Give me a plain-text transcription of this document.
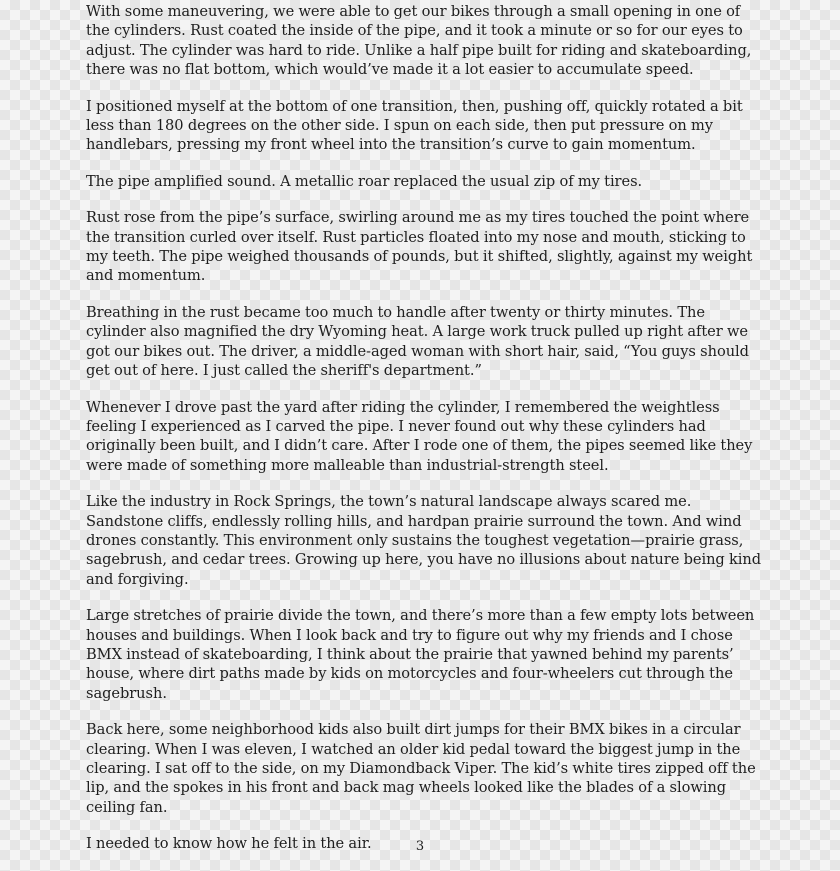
With some maneuvering, we were able to get our bikes through a small opening in one of the cylinders. Rust coated the inside of the pipe, and it took a minute or so for our eyes to adjust. The cylinder was hard to ride. Unlike a half pipe built for riding and skateboarding, there was no flat bottom, which would’ve made it a lot easier to accumulate speed.

I positioned myself at the bottom of one transition, then, pushing off, quickly rotated a bit less than 180 degrees on the other side. I spun on each side, then put pressure on my handlebars, pressing my front wheel into the transition’s curve to gain momentum.

The pipe amplified sound. A metallic roar replaced the usual zip of my tires.

Rust rose from the pipe’s surface, swirling around me as my tires touched the point where the transition curled over itself. Rust particles floated into my nose and mouth, sticking to my teeth. The pipe weighed thousands of pounds, but it shifted, slightly, against my weight and momentum.

Breathing in the rust became too much to handle after twenty or thirty minutes. The cylinder also magnified the dry Wyoming heat. A large work truck pulled up right after we got our bikes out. The driver, a middle-aged woman with short hair, said, “You guys should get out of here. I just called the sheriff's department.”

Whenever I drove past the yard after riding the cylinder, I remembered the weightless feeling I experienced as I carved the pipe. I never found out why these cylinders had originally been built, and I didn’t care. After I rode one of them, the pipes seemed like they were made of something more malleable than industrial-strength steel.

Like the industry in Rock Springs, the town’s natural landscape always scared me. Sandstone cliffs, endlessly rolling hills, and hardpan prairie surround the town. And wind drones constantly. This environment only sustains the toughest vegetation—prairie grass, sagebrush, and cedar trees. Growing up here, you have no illusions about nature being kind and forgiving.

Large stretches of prairie divide the town, and there’s more than a few empty lots between houses and buildings. When I look back and try to figure out why my friends and I chose BMX instead of skateboarding, I think about the prairie that yawned behind my parents’ house, where dirt paths made by kids on motorcycles and four-wheelers cut through the sagebrush.

Back here, some neighborhood kids also built dirt jumps for their BMX bikes in a circular clearing. When I was eleven, I watched an older kid pedal toward the biggest jump in the clearing. I sat off to the side, on my Diamondback Viper. The kid’s white tires zipped off the lip, and the spokes in his front and back mag wheels looked like the blades of a slowing ceiling fan.

I needed to know how he felt in the air.	3
